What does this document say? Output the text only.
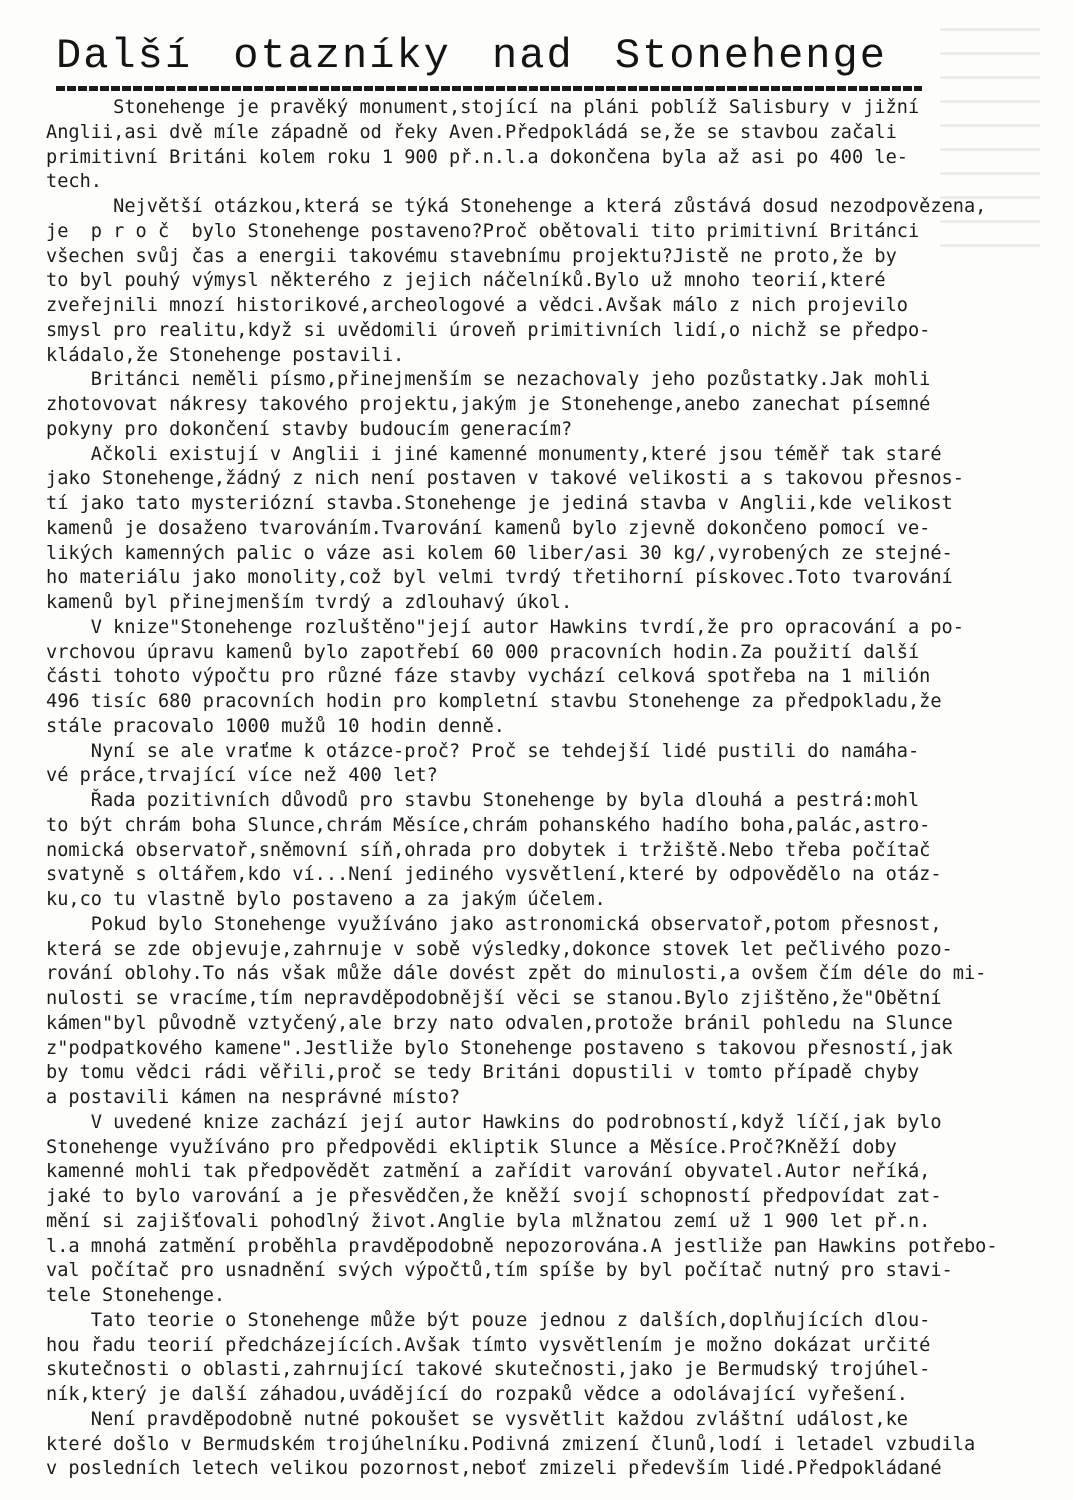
Další otazníky nad Stonehenge
Stonehenge je pravěký monument,stojící na pláni poblíž Salisbury v jižní
Anglii,asi dvě míle západně od řeky Aven.Předpokládá se,že se stavbou začali
primitivní Británi kolem roku 1 900 př.n.l.a dokončena byla až asi po 400 le-
tech.
Největší otázkou,která se týká Stonehenge a která zůstává dosud nezodpovězena,
je  p r o č  bylo Stonehenge postaveno?Proč obětovali tito primitivní Británci
všechen svůj čas a energii takovému stavebnímu projektu?Jistě ne proto,že by
to byl pouhý výmysl některého z jejich náčelníků.Bylo už mnoho teorií,které
zveřejnili mnozí historikové,archeologové a vědci.Avšak málo z nich projevilo
smysl pro realitu,když si uvědomili úroveň primitivních lidí,o nichž se předpo-
kládalo,že Stonehenge postavili.
Británci neměli písmo,přinejmenším se nezachovaly jeho pozůstatky.Jak mohli
zhotovovat nákresy takového projektu,jakým je Stonehenge,anebo zanechat písemné
pokyny pro dokončení stavby budoucím generacím?
Ačkoli existují v Anglii i jiné kamenné monumenty,které jsou téměř tak staré
jako Stonehenge,žádný z nich není postaven v takové velikosti a s takovou přesnos-
tí jako tato mysteriózní stavba.Stonehenge je jediná stavba v Anglii,kde velikost
kamenů je dosaženo tvarováním.Tvarování kamenů bylo zjevně dokončeno pomocí ve-
likých kamenných palic o váze asi kolem 60 liber/asi 30 kg/,vyrobených ze stejné-
ho materiálu jako monolity,což byl velmi tvrdý třetihorní pískovec.Toto tvarování
kamenů byl přinejmenším tvrdý a zdlouhavý úkol.
V knize"Stonehenge rozluštěno"její autor Hawkins tvrdí,že pro opracování a po-
vrchovou úpravu kamenů bylo zapotřebí 60 000 pracovních hodin.Za použití další
části tohoto výpočtu pro různé fáze stavby vychází celková spotřeba na 1 milión
496 tisíc 680 pracovních hodin pro kompletní stavbu Stonehenge za předpokladu,že
stále pracovalo 1000 mužů 10 hodin denně.
Nyní se ale vraťme k otázce-proč? Proč se tehdejší lidé pustili do namáha-
vé práce,trvající více než 400 let?
Řada pozitivních důvodů pro stavbu Stonehenge by byla dlouhá a pestrá:mohl
to být chrám boha Slunce,chrám Měsíce,chrám pohanského hadího boha,palác,astro-
nomická observatoř,sněmovní síň,ohrada pro dobytek i tržiště.Nebo třeba počítač
svatyně s oltářem,kdo ví...Není jediného vysvětlení,které by odpovědělo na otáz-
ku,co tu vlastně bylo postaveno a za jakým účelem.
Pokud bylo Stonehenge využíváno jako astronomická observatoř,potom přesnost,
která se zde objevuje,zahrnuje v sobě výsledky,dokonce stovek let pečlivého pozo-
rování oblohy.To nás však může dále dovést zpět do minulosti,a ovšem čím déle do mi-
nulosti se vracíme,tím nepravděpodobnější věci se stanou.Bylo zjištěno,že"Obětní
kámen"byl původně vztyčený,ale brzy nato odvalen,protože bránil pohledu na Slunce
z"podpatkového kamene".Jestliže bylo Stonehenge postaveno s takovou přesností,jak
by tomu vědci rádi věřili,proč se tedy Británi dopustili v tomto případě chyby
a postavili kámen na nesprávné místo?
V uvedené knize zachází její autor Hawkins do podrobností,když líčí,jak bylo
Stonehenge využíváno pro předpovědi ekliptik Slunce a Měsíce.Proč?Kněží doby
kamenné mohli tak předpovědět zatmění a zařídit varování obyvatel.Autor neříká,
jaké to bylo varování a je přesvědčen,že kněží svojí schopností předpovídat zat-
mění si zajišťovali pohodlný život.Anglie byla mlžnatou zemí už 1 900 let př.n.
l.a mnohá zatmění proběhla pravděpodobně nepozorována.A jestliže pan Hawkins potřebo-
val počítač pro usnadnění svých výpočtů,tím spíše by byl počítač nutný pro stavi-
tele Stonehenge.
Tato teorie o Stonehenge může být pouze jednou z dalších,doplňujících dlou-
hou řadu teorií předcházejících.Avšak tímto vysvětlením je možno dokázat určité
skutečnosti o oblasti,zahrnující takové skutečnosti,jako je Bermudský trojúhel-
ník,který je další záhadou,uvádějící do rozpaků vědce a odolávající vyřešení.
Není pravděpodobně nutné pokoušet se vysvětlit každou zvláštní událost,ke
které došlo v Bermudském trojúhelníku.Podivná zmizení člunů,lodí i letadel vzbudila
v posledních letech velikou pozornost,neboť zmizeli především lidé.Předpokládané
